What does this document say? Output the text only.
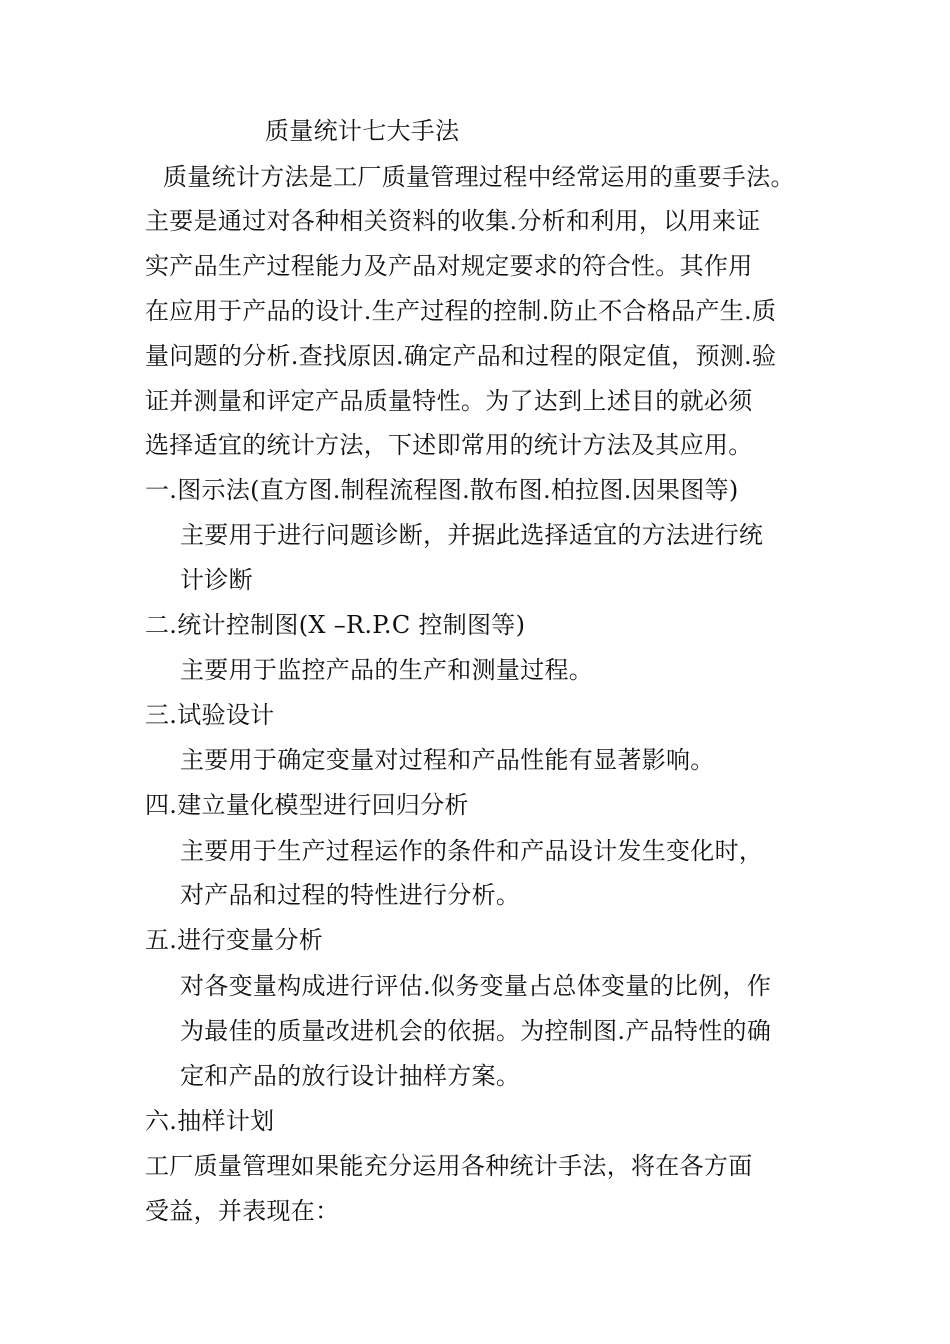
质量统计七大手法
质量统计方法是工厂质量管理过程中经常运用的重要手法。
主要是通过对各种相关资料的收集.分析和利用，以用来证
实产品生产过程能力及产品对规定要求的符合性。其作用
在应用于产品的设计.生产过程的控制.防止不合格品产生.质
量问题的分析.查找原因.确定产品和过程的限定值，预测.验
证并测量和评定产品质量特性。为了达到上述目的就必须
选择适宜的统计方法，下述即常用的统计方法及其应用。
一.图示法(直方图.制程流程图.散布图.柏拉图.因果图等)
主要用于进行问题诊断，并据此选择适宜的方法进行统
计诊断
二.统计控制图(X –R.P.C 控制图等)
主要用于监控产品的生产和测量过程。
三.试验设计
主要用于确定变量对过程和产品性能有显著影响。
四.建立量化模型进行回归分析
主要用于生产过程运作的条件和产品设计发生变化时，
对产品和过程的特性进行分析。
五.进行变量分析
对各变量构成进行评估.似务变量占总体变量的比例，作
为最佳的质量改进机会的依据。为控制图.产品特性的确
定和产品的放行设计抽样方案。
六.抽样计划
工厂质量管理如果能充分运用各种统计手法，将在各方面
受益，并表现在：
